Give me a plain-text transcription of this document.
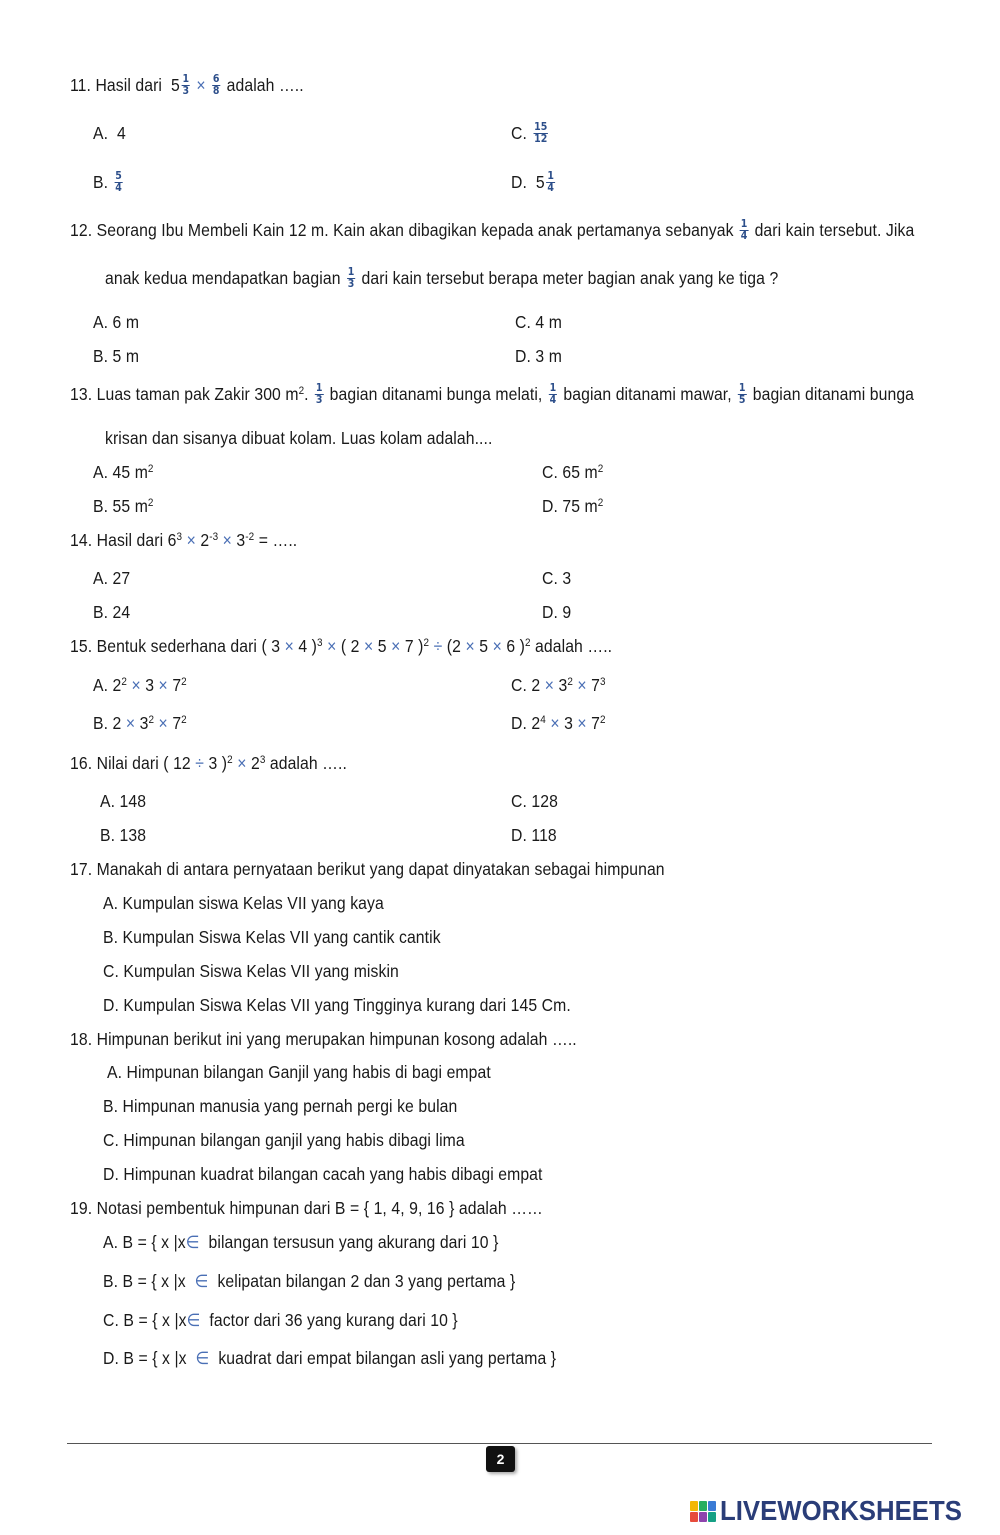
11. Hasil dari $5 \frac{1}{3} \times \frac{6}{8}$ adalah …..
A. 4	C. $\frac{15}{12}$
B. $\frac{5}{4}$	D. $5 \frac{1}{4}$
12. Seorang Ibu Membeli Kain 12 m. Kain akan dibagikan kepada anak pertamanya sebanyak $\frac{1}{4}$ dari kain tersebut. Jika
anak kedua mendapatkan bagian $\frac{1}{3}$ dari kain tersebut berapa meter bagian anak yang ke tiga ?
A. 6 m	C. 4 m
B. 5 m	D. 3 m
13. Luas taman pak Zakir 300 $m^2$. $\frac{1}{3}$ bagian ditanami bunga melati, $\frac{1}{4}$ bagian ditanami mawar, $\frac{1}{5}$ bagian ditanami bunga
krisan dan sisanya dibuat kolam. Luas kolam adalah....
A. 45 $m^2$	C. 65 $m^2$
B. 55 $m^2$	D. 75 $m^2$
14. Hasil dari $6^3 \times 2^{-3} \times 3^{-2}$ = …..
A. 27	C. 3
B. 24	D. 9
15. Bentuk sederhana dari ( 3 × 4 )$^3$ × ( 2 × 5 × 7 )$^2$ ÷ (2 × 5 × 6 )$^2$ adalah …..
A. $2^2 \times 3 \times 7^2$	C. $2 \times 3^2 \times 7^3$
B. $2 \times 3^2 \times 7^2$	D. $2^4 \times 3 \times 7^2$
16. Nilai dari ( 12 ÷ 3 )$^2 \times 2^3$ adalah …..
A. 148	C. 128
B. 138	D. 118
17. Manakah di antara pernyataan berikut yang dapat dinyatakan sebagai himpunan
A. Kumpulan siswa Kelas VII yang kaya
B. Kumpulan Siswa Kelas VII yang cantik cantik
C. Kumpulan Siswa Kelas VII yang miskin
D. Kumpulan Siswa Kelas VII yang Tingginya kurang dari 145 Cm.
18. Himpunan berikut ini yang merupakan himpunan kosong adalah …..
A. Himpunan bilangan Ganjil yang habis di bagi empat
B. Himpunan manusia yang pernah pergi ke bulan
C. Himpunan bilangan ganjil yang habis dibagi lima
D. Himpunan kuadrat bilangan cacah yang habis dibagi empat
19. Notasi pembentuk himpunan dari B = { 1, 4, 9, 16 } adalah ……
A. B = { x |x∈ bilangan tersusun yang akurang dari 10 }
B. B = { x |x  ∈ kelipatan bilangan 2 dan 3 yang pertama }
C. B = { x |x∈ factor dari 36 yang kurang dari 10 }
D. B = { x |x  ∈ kuadrat dari empat bilangan asli yang pertama }
2
LIVEWORKSHEETS
